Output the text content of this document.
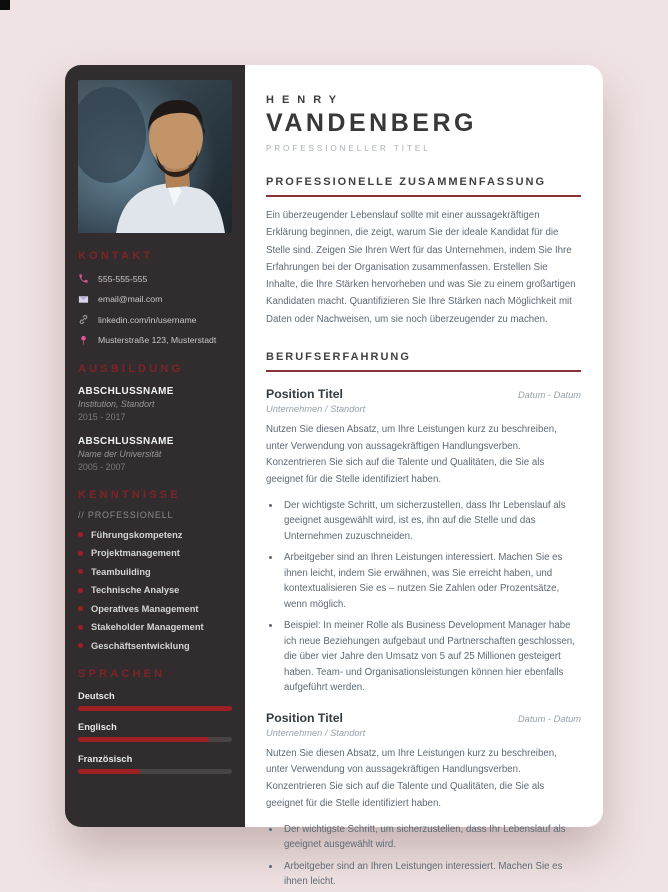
KONTAKT
555-555-555
email@mail.com
linkedin.com/in/username
Musterstraße 123, Musterstadt
AUSBILDUNG
ABSCHLUSSNAME
Institution, Standort
2015 - 2017
ABSCHLUSSNAME
Name der Universität
2005 - 2007
KENNTNISSE
// PROFESSIONELL
Führungskompetenz
Projektmanagement
Teambuilding
Technische Analyse
Operatives Management
Stakeholder Management
Geschäftsentwicklung
SPRACHEN
Deutsch
Englisch
Französisch
HENRY
VANDENBERG
PROFESSIONELLER TITEL
PROFESSIONELLE ZUSAMMENFASSUNG

Ein überzeugender Lebenslauf sollte mit einer aussagekräftigen Erklärung beginnen, die zeigt, warum Sie der ideale Kandidat für die Stelle sind. Zeigen Sie Ihren Wert für das Unternehmen, indem Sie Ihre Erfahrungen bei der Organisation zusammenfassen. Erstellen Sie Inhalte, die Ihre Stärken hervorheben und was Sie zu einem großartigen Kandidaten macht. Quantifizieren Sie Ihre Stärken nach Möglichkeit mit Daten oder Nachweisen, um sie noch überzeugender zu machen.

BERUFSERFAHRUNG
Position Titel	Datum - Datum
Unternehmen / Standort

Nutzen Sie diesen Absatz, um Ihre Leistungen kurz zu beschreiben, unter Verwendung von aussagekräftigen Handlungsverben. Konzentrieren Sie sich auf die Talente und Qualitäten, die Sie als geeignet für die Stelle identifiziert haben.

• Der wichtigste Schritt, um sicherzustellen, dass Ihr Lebenslauf als geeignet ausgewählt wird, ist es, ihn auf die Stelle und das Unternehmen zuzuschneiden.
• Arbeitgeber sind an Ihren Leistungen interessiert. Machen Sie es ihnen leicht, indem Sie erwähnen, was Sie erreicht haben, und kontextualisieren Sie es – nutzen Sie Zahlen oder Prozentsätze, wenn möglich.
• Beispiel: In meiner Rolle als Business Development Manager habe ich neue Beziehungen aufgebaut und Partnerschaften geschlossen, die über vier Jahre den Umsatz von 5 auf 25 Millionen gesteigert haben. Team- und Organisationsleistungen können hier ebenfalls aufgeführt werden.
Position Titel	Datum - Datum
Unternehmen / Standort

Nutzen Sie diesen Absatz, um Ihre Leistungen kurz zu beschreiben, unter Verwendung von aussagekräftigen Handlungsverben. Konzentrieren Sie sich auf die Talente und Qualitäten, die Sie als geeignet für die Stelle identifiziert haben.

• Der wichtigste Schritt, um sicherzustellen, dass Ihr Lebenslauf als geeignet ausgewählt wird.
• Arbeitgeber sind an Ihren Leistungen interessiert. Machen Sie es ihnen leicht.
